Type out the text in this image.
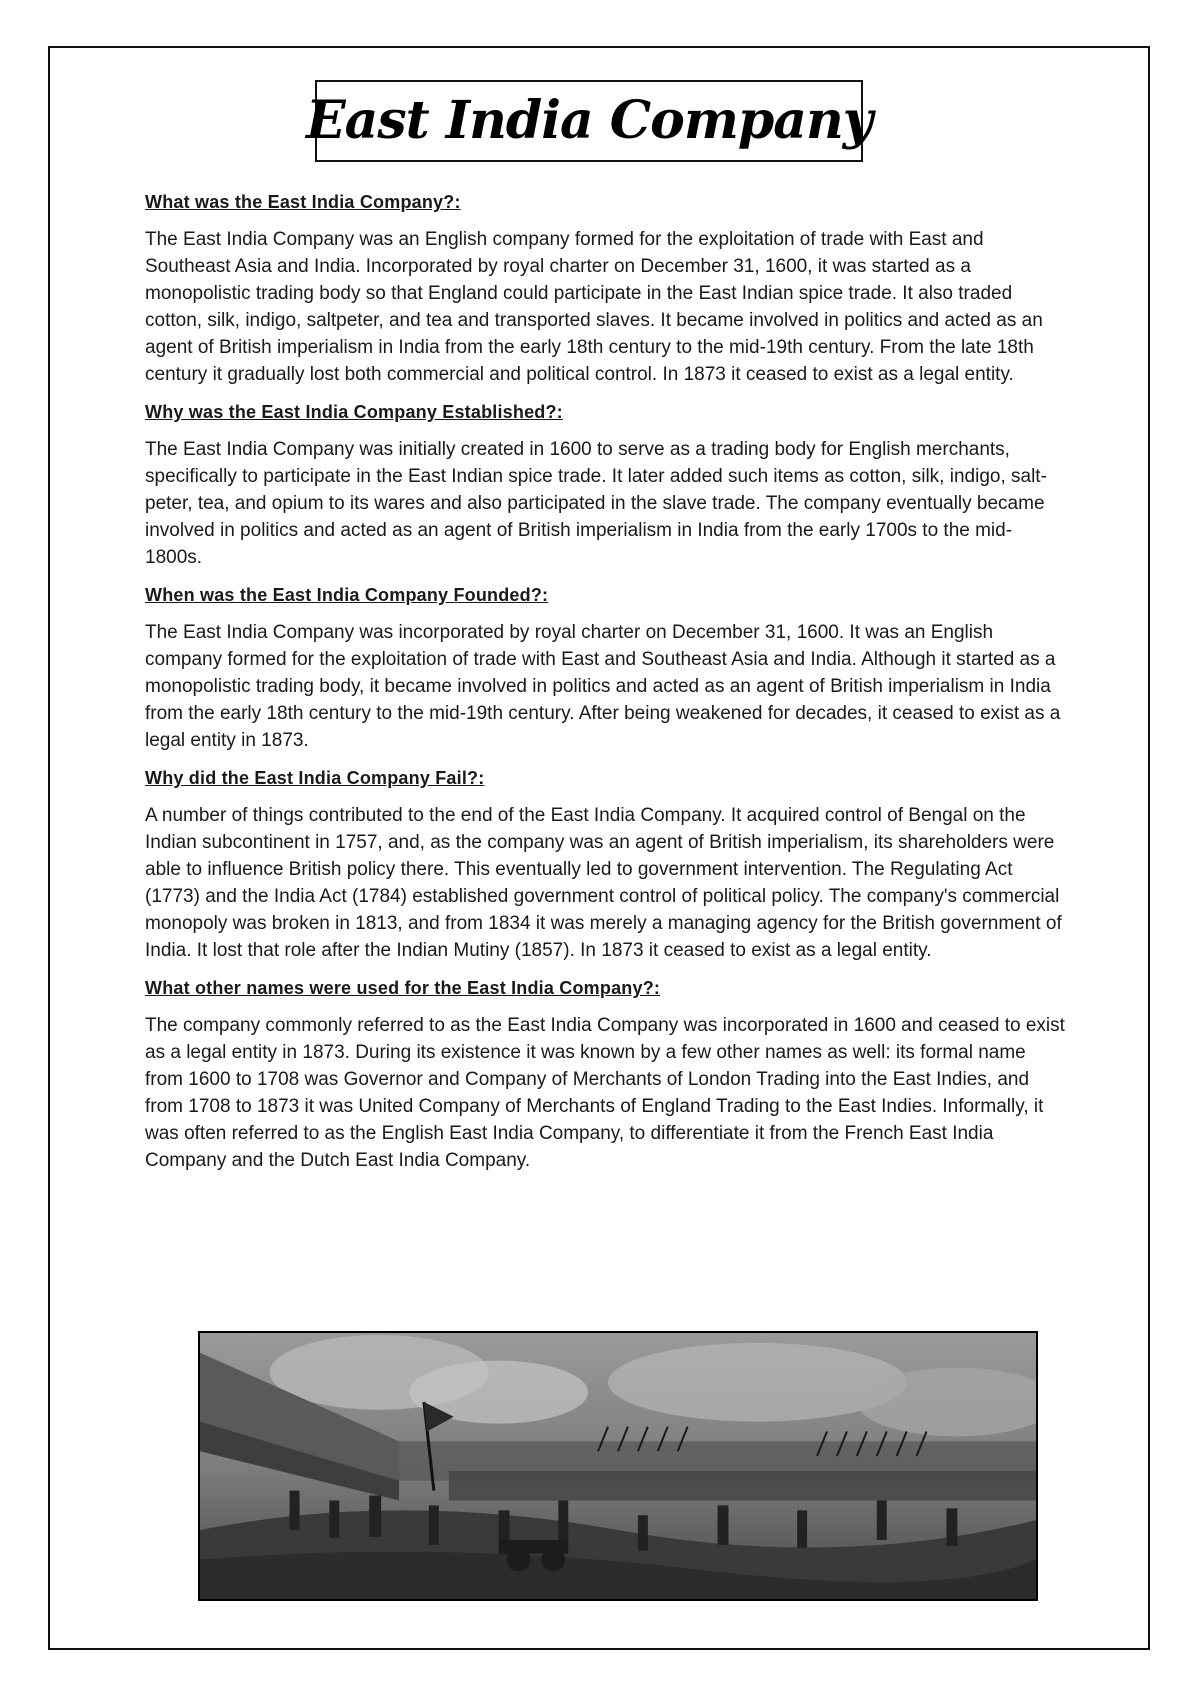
East India Company

What was the East India Company?:

The East India Company was an English company formed for the exploitation of trade with East and Southeast Asia and India. Incorporated by royal charter on December 31, 1600, it was started as a monopolistic trading body so that England could participate in the East Indian spice trade. It also traded cotton, silk, indigo, saltpeter, and tea and transported slaves. It became involved in politics and acted as an agent of British imperialism in India from the early 18th century to the mid-19th century. From the late 18th century it gradually lost both commercial and political control. In 1873 it ceased to exist as a legal entity.

Why was the East India Company Established?:

The East India Company was initially created in 1600 to serve as a trading body for English merchants, specifically to participate in the East Indian spice trade. It later added such items as cotton, silk, indigo, salt-peter, tea, and opium to its wares and also participated in the slave trade. The company eventually became involved in politics and acted as an agent of British imperialism in India from the early 1700s to the mid-1800s.

When was the East India Company Founded?:

The East India Company was incorporated by royal charter on December 31, 1600. It was an English company formed for the exploitation of trade with East and Southeast Asia and India. Although it started as a monopolistic trading body, it became involved in politics and acted as an agent of British imperialism in India from the early 18th century to the mid-19th century. After being weakened for decades, it ceased to exist as a legal entity in 1873.

Why did the East India Company Fail?:

A number of things contributed to the end of the East India Company. It acquired control of Bengal on the Indian subcontinent in 1757, and, as the company was an agent of British imperialism, its shareholders were able to influence British policy there. This eventually led to government intervention. The Regulating Act (1773) and the India Act (1784) established government control of political policy. The company's commercial monopoly was broken in 1813, and from 1834 it was merely a managing agency for the British government of India. It lost that role after the Indian Mutiny (1857). In 1873 it ceased to exist as a legal entity.

What other names were used for the East India Company?:

The company commonly referred to as the East India Company was incorporated in 1600 and ceased to exist as a legal entity in 1873. During its existence it was known by a few other names as well: its formal name from 1600 to 1708 was Governor and Company of Merchants of London Trading into the East Indies, and from 1708 to 1873 it was United Company of Merchants of England Trading to the East Indies. Informally, it was often referred to as the English East India Company, to differentiate it from the French East India Company and the Dutch East India Company.
